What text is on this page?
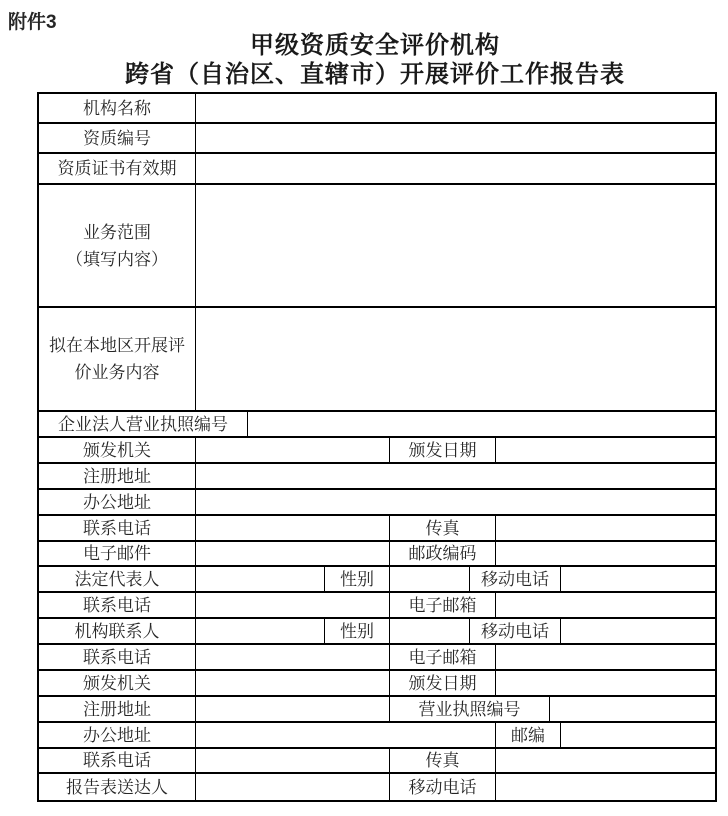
附件3
甲级资质安全评价机构
跨省（自治区、直辖市）开展评价工作报告表
机构名称
资质编号
资质证书有效期
业务范围
（填写内容）
拟在本地区开展评
价业务内容
企业法人营业执照编号
颁发机关	颁发日期
注册地址
办公地址
联系电话	传真
电子邮件	邮政编码
法定代表人	性别	移动电话
联系电话	电子邮箱
机构联系人	性别	移动电话
联系电话	电子邮箱
颁发机关	颁发日期
注册地址	营业执照编号
办公地址	邮编
联系电话	传真
报告表送达人	移动电话
